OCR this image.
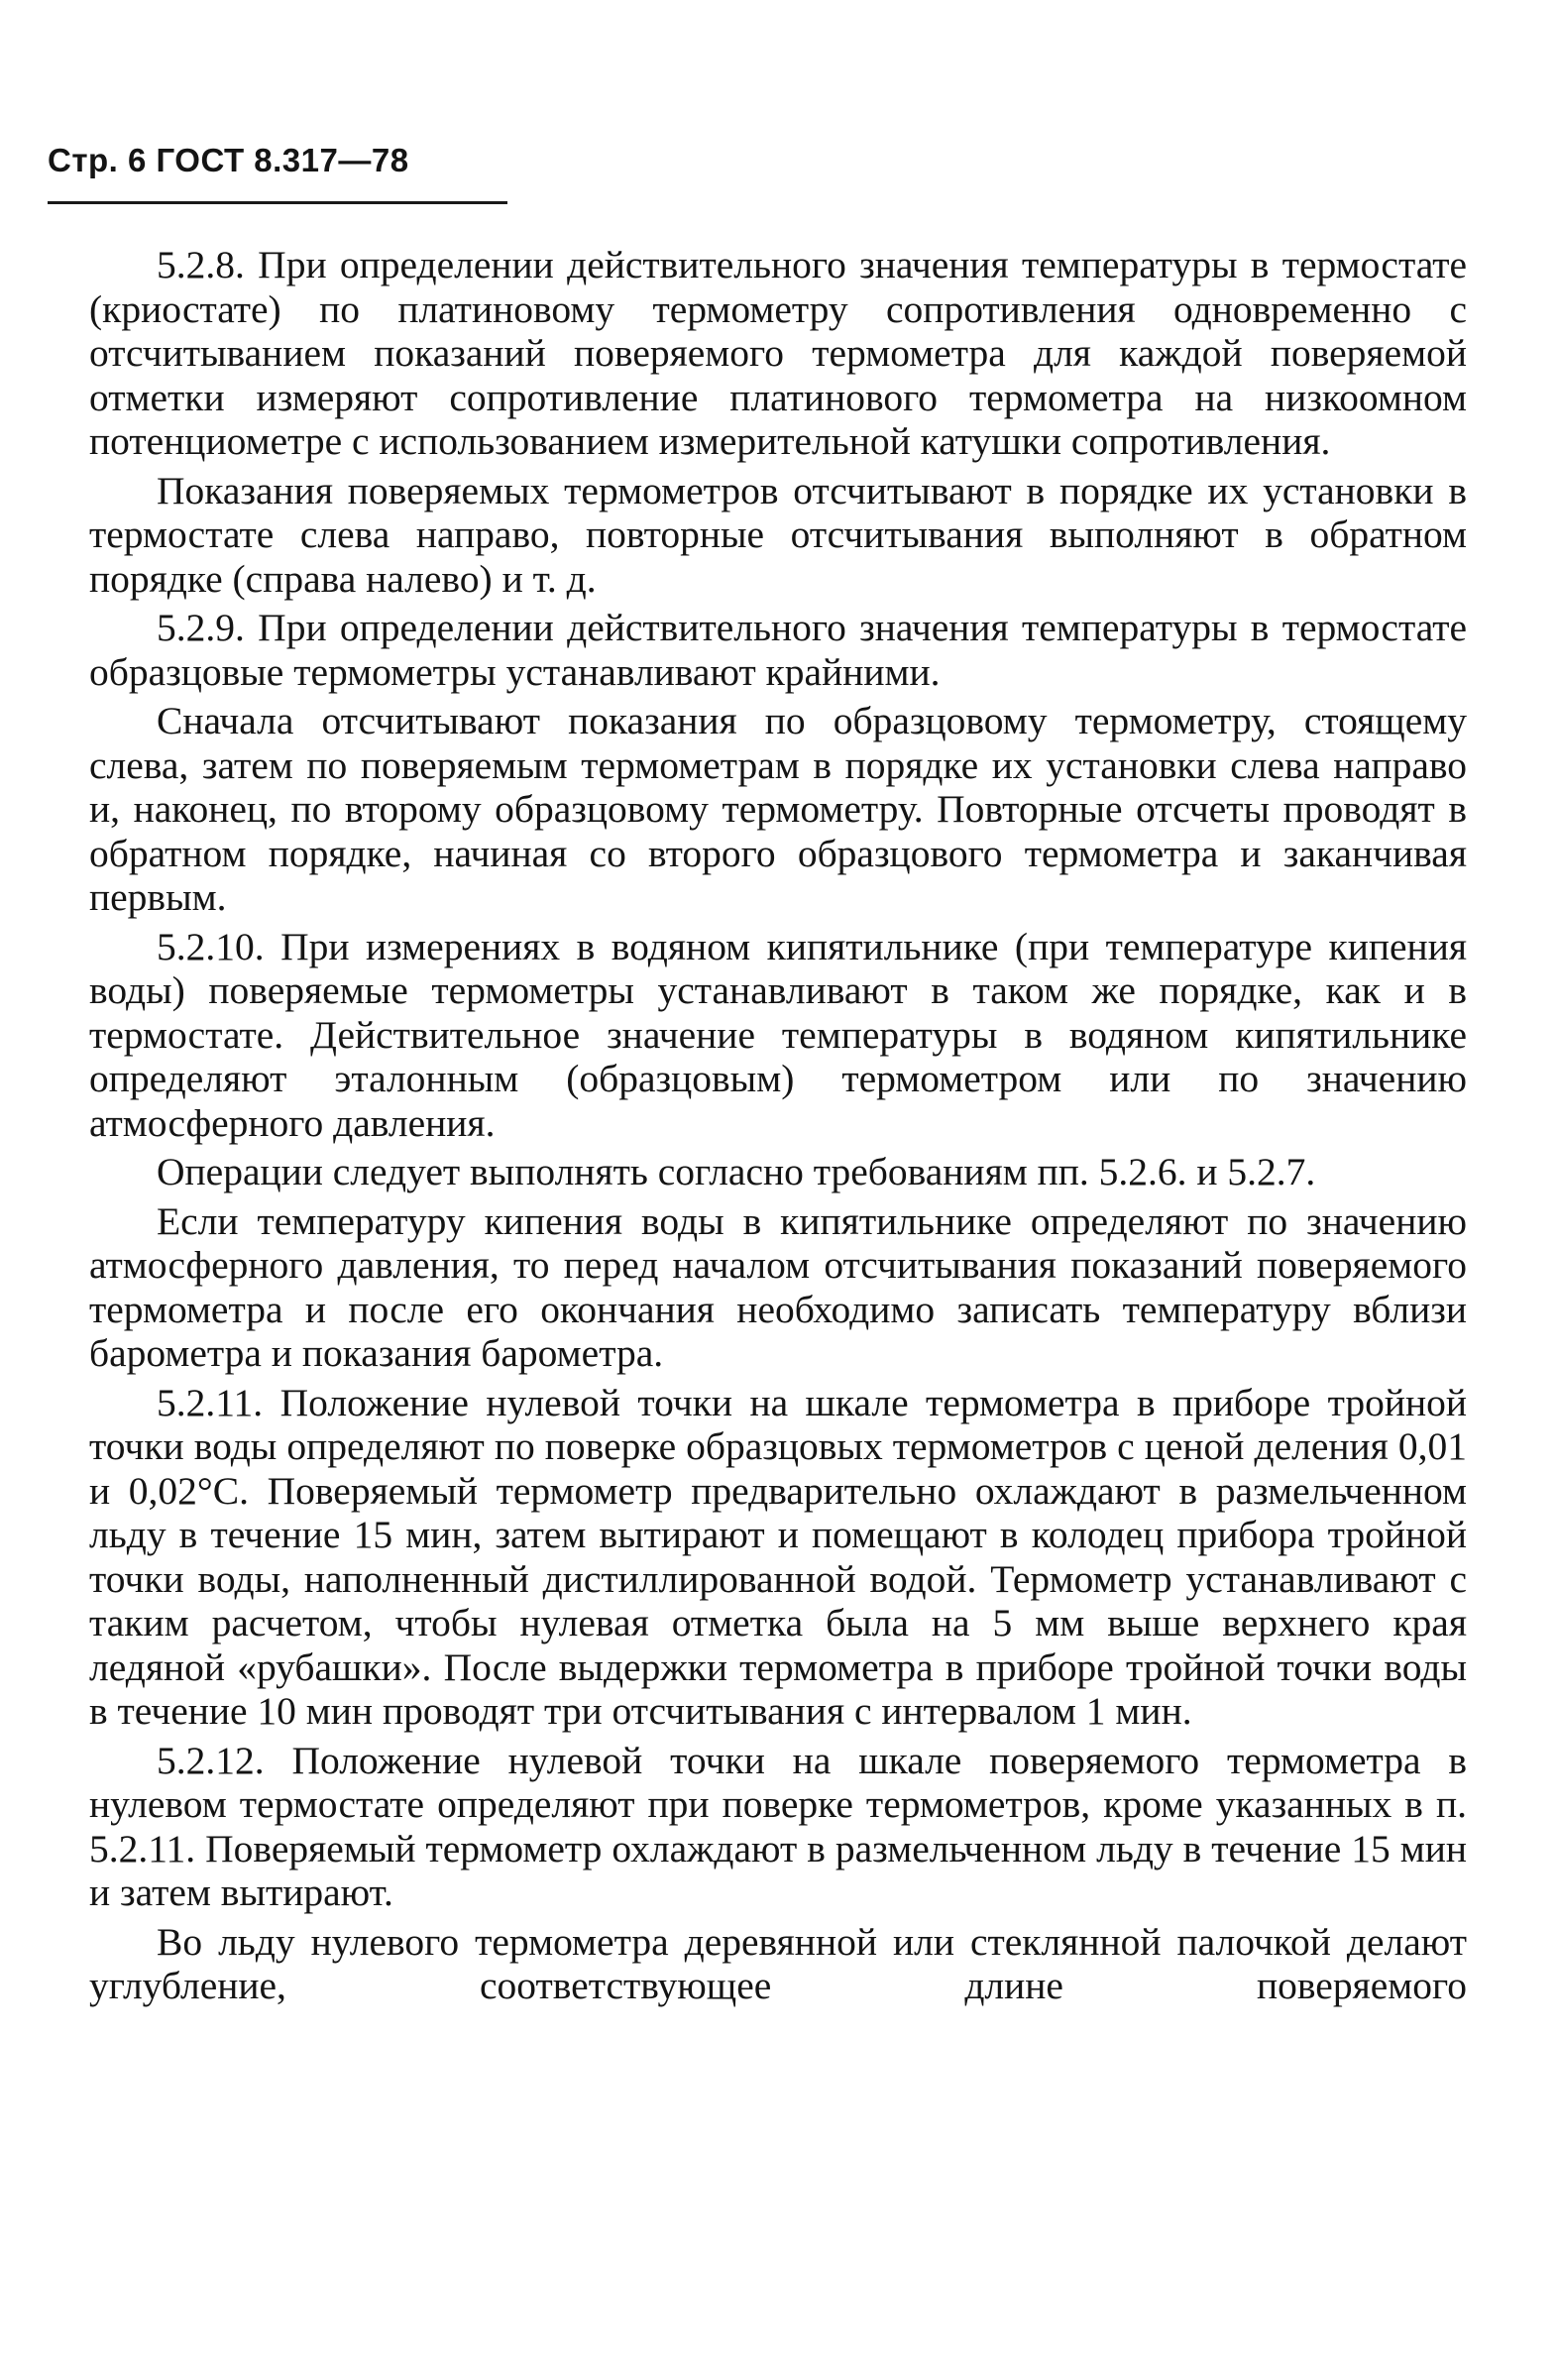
Стр. 6 ГОСТ 8.317—78

5.2.8. При определении действительного значения температуры в термостате (криостате) по платиновому термометру сопротивления одновременно с отсчитыванием показаний поверяемого термометра для каждой поверяемой отметки измеряют сопротивление платинового термометра на низкоомном потенциометре с использованием измерительной катушки сопротивления.

Показания поверяемых термометров отсчитывают в порядке их установки в термостате слева направо, повторные отсчитывания выполняют в обратном порядке (справа налево) и т. д.

5.2.9. При определении действительного значения температуры в термостате образцовые термометры устанавливают крайними.

Сначала отсчитывают показания по образцовому термометру, стоящему слева, затем по поверяемым термометрам в порядке их установки слева направо и, наконец, по второму образцовому термометру. Повторные отсчеты проводят в обратном порядке, начиная со второго образцового термометра и заканчивая первым.

5.2.10. При измерениях в водяном кипятильнике (при температуре кипения воды) поверяемые термометры устанавливают в таком же порядке, как и в термостате. Действительное значение температуры в водяном кипятильнике определяют эталонным (образцовым) термометром или по значению атмосферного давления.

Операции следует выполнять согласно требованиям пп. 5.2.6. и 5.2.7.

Если температуру кипения воды в кипятильнике определяют по значению атмосферного давления, то перед началом отсчитывания показаний поверяемого термометра и после его окончания необходимо записать температуру вблизи барометра и показания барометра.

5.2.11. Положение нулевой точки на шкале термометра в приборе тройной точки воды определяют по поверке образцовых термометров с ценой деления 0,01 и 0,02°С. Поверяемый термометр предварительно охлаждают в размельченном льду в течение 15 мин, затем вытирают и помещают в колодец прибора тройной точки воды, наполненный дистиллированной водой. Термометр устанавливают с таким расчетом, чтобы нулевая отметка была на 5 мм выше верхнего края ледяной «рубашки». После выдержки термометра в приборе тройной точки воды в течение 10 мин проводят три отсчитывания с интервалом 1 мин.

5.2.12. Положение нулевой точки на шкале поверяемого термометра в нулевом термостате определяют при поверке термометров, кроме указанных в п. 5.2.11. Поверяемый термометр охлаждают в размельченном льду в течение 15 мин и затем вытирают.

Во льду нулевого термометра деревянной или стеклянной палочкой делают углубление, соответствующее длине поверяемого
